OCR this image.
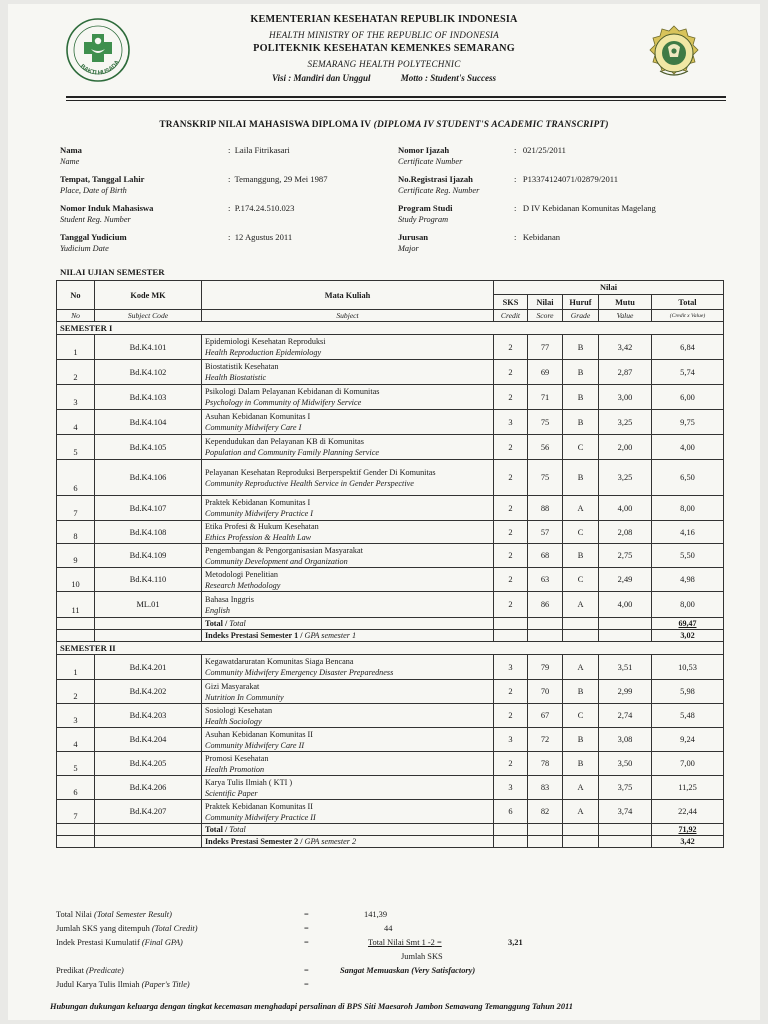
BAKTI HUSADA
KEMENTERIAN KESEHATAN REPUBLIK INDONESIA
HEALTH MINISTRY OF THE REPUBLIC OF INDONESIA
POLITEKNIK KESEHATAN KEMENKES SEMARANG
SEMARANG HEALTH POLYTECHNIC
Visi : Mandiri dan Unggul	Motto : Student's Success
TRANSKRIP NILAI MAHASISWA DIPLOMA IV (DIPLOMA IV STUDENT'S ACADEMIC TRANSCRIPT)
Nama
Name
:  Laila Fitrikasari
Tempat, Tanggal Lahir
Place, Date of Birth
:  Temanggung, 29 Mei 1987
Nomor Induk Mahasiswa
Student Reg. Number
:  P.174.24.510.023
Tanggal Yudicium
Yudicium Date
:  12 Agustus 2011
Nomor Ijazah
Certificate Number
:   021/25/2011
No.Registrasi Ijazah
Certificate Reg. Number
:   P13374124071/02879/2011
Program Studi
Study Program
:   D IV Kebidanan Komunitas Magelang
Jurusan
Major
:   Kebidanan
NILAI UJIAN SEMESTER
No	Kode MK	Mata Kuliah	Nilai				
			SKS	Nilai	Huruf	Mutu	Total
No	Subject Code	Subject	Credit	Score	Grade	Value	(Credit x Value)
SEMESTER I							
1	Bd.K4.101	Epidemiologi Kesehatan Reproduksi
Health Reproduction Epidemiology	2	77	B	3,42	6,84
2	Bd.K4.102	Biostatistik Kesehatan
Health Biostatistic	2	69	B	2,87	5,74
3	Bd.K4.103	Psikologi Dalam Pelayanan Kebidanan di Komunitas
Psychology in Community of Midwifery Service	2	71	B	3,00	6,00
4	Bd.K4.104	Asuhan Kebidanan Komunitas I
Community Midwifery Care I	3	75	B	3,25	9,75
5	Bd.K4.105	Kependudukan dan Pelayanan KB di Komunitas
Population and Community Family Planning Service	2	56	C	2,00	4,00
6	Bd.K4.106	Pelayanan Kesehatan Reproduksi Berperspektif Gender Di Komunitas
Community Reproductive Health Service in Gender Perspective	2	75	B	3,25	6,50
7	Bd.K4.107	Praktek Kebidanan Komunitas I
Community Midwifery Practice I	2	88	A	4,00	8,00
8	Bd.K4.108	Etika Profesi & Hukum Kesehatan
Ethics Profession & Health Law	2	57	C	2,08	4,16
9	Bd.K4.109	Pengembangan & Pengorganisasian Masyarakat
Community Development and Organization	2	68	B	2,75	5,50
10	Bd.K4.110	Metodologi Penelitian
Research Methodology	2	63	C	2,49	4,98
11	ML.01	Bahasa Inggris
English	2	86	A	4,00	8,00
		Total / Total					69,47
		Indeks Prestasi Semester 1 / GPA semester 1					3,02
SEMESTER II							
1	Bd.K4.201	Kegawatdaruratan Komunitas Siaga Bencana
Community Midwifery Emergency Disaster Preparedness	3	79	A	3,51	10,53
2	Bd.K4.202	Gizi Masyarakat
Nutrition In Community	2	70	B	2,99	5,98
3	Bd.K4.203	Sosiologi Kesehatan
Health Sociology	2	67	C	2,74	5,48
4	Bd.K4.204	Asuhan Kebidanan Komunitas II
Community Midwifery Care II	3	72	B	3,08	9,24
5	Bd.K4.205	Promosi Kesehatan
Health Promotion	2	78	B	3,50	7,00
6	Bd.K4.206	Karya Tulis Ilmiah ( KTI )
Scientific Paper	3	83	A	3,75	11,25
7	Bd.K4.207	Praktek Kebidanan Komunitas II
Community Midwifery Practice II	6	82	A	3,74	22,44
		Total / Total					71,92
		Indeks Prestasi Semester 2 / GPA semester 2					3,42
Total Nilai (Total Semester Result)	=	141,39
Jumlah SKS yang ditempuh (Total Credit)	=	44
Indek Prestasi Kumulatif (Final GPA)	=	Total Nilai Smt 1 -2 =	3,21
Jumlah SKS
Predikat (Predicate)	=	Sangat Memuaskan (Very Satisfactory)
Judul Karya Tulis Ilmiah (Paper's Title)	=
Hubungan dukungan keluarga dengan tingkat kecemasan menghadapi persalinan di BPS Siti Maesaroh Jambon Semawang Temanggung Tahun 2011
